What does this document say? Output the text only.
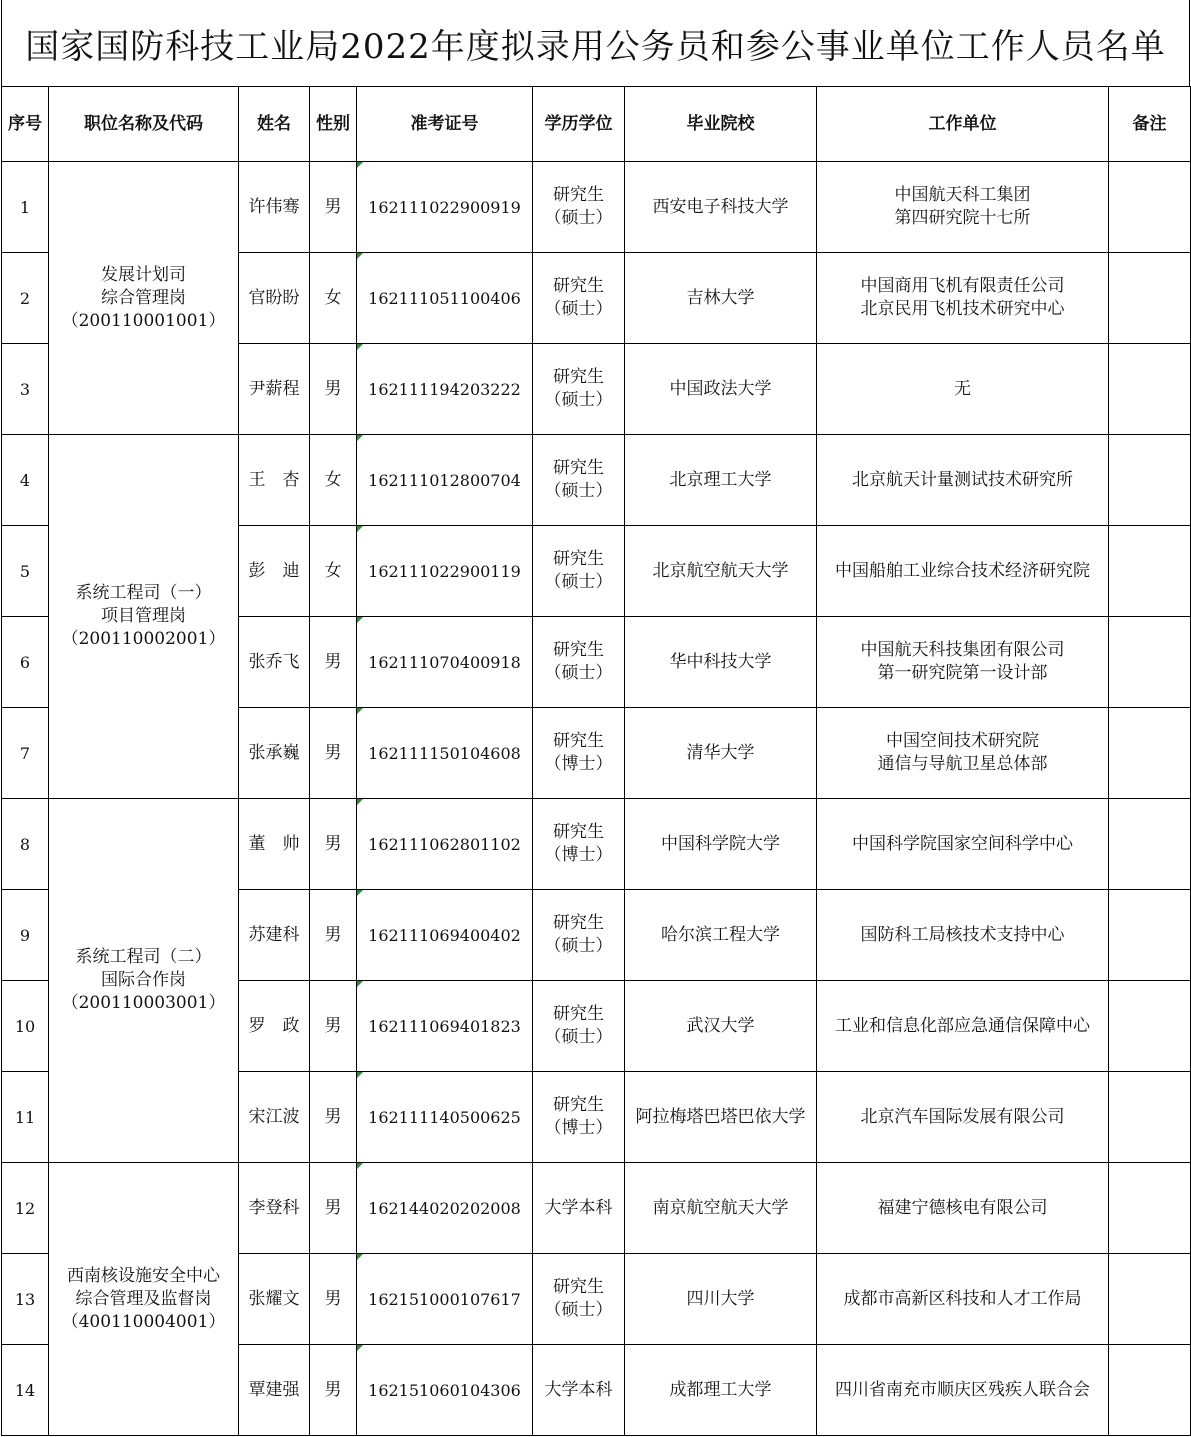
国家国防科技工业局2022年度拟录用公务员和参公事业单位工作人员名单
序号	职位名称及代码	姓名	性别	准考证号	学历学位	毕业院校	工作单位	备注
1	发展计划司
综合管理岗
（200110001001）	许伟骞	男	162111022900919	研究生
（硕士）	西安电子科技大学	中国航天科工集团
第四研究院十七所	
2		官盼盼	女	162111051100406	研究生
（硕士）	吉林大学	中国商用飞机有限责任公司
北京民用飞机技术研究中心	
3		尹薪程	男	162111194203222	研究生
（硕士）	中国政法大学	无	
4	系统工程司（一）
项目管理岗
（200110002001）	王　杏	女	162111012800704	研究生
（硕士）	北京理工大学	北京航天计量测试技术研究所	
5		彭　迪	女	162111022900119	研究生
（硕士）	北京航空航天大学	中国船舶工业综合技术经济研究院	
6		张乔飞	男	162111070400918	研究生
（硕士）	华中科技大学	中国航天科技集团有限公司
第一研究院第一设计部	
7		张承巍	男	162111150104608	研究生
（博士）	清华大学	中国空间技术研究院
通信与导航卫星总体部	
8	系统工程司（二）
国际合作岗
（200110003001）	董　帅	男	162111062801102	研究生
（博士）	中国科学院大学	中国科学院国家空间科学中心	
9		苏建科	男	162111069400402	研究生
（硕士）	哈尔滨工程大学	国防科工局核技术支持中心	
10		罗　政	男	162111069401823	研究生
（硕士）	武汉大学	工业和信息化部应急通信保障中心	
11		宋江波	男	162111140500625	研究生
（博士）	阿拉梅塔巴塔巴依大学	北京汽车国际发展有限公司	
12	西南核设施安全中心
综合管理及监督岗
（400110004001）	李登科	男	162144020202008	大学本科	南京航空航天大学	福建宁德核电有限公司	
13		张耀文	男	162151000107617	研究生
（硕士）	四川大学	成都市高新区科技和人才工作局	
14		覃建强	男	162151060104306	大学本科	成都理工大学	四川省南充市顺庆区残疾人联合会	
